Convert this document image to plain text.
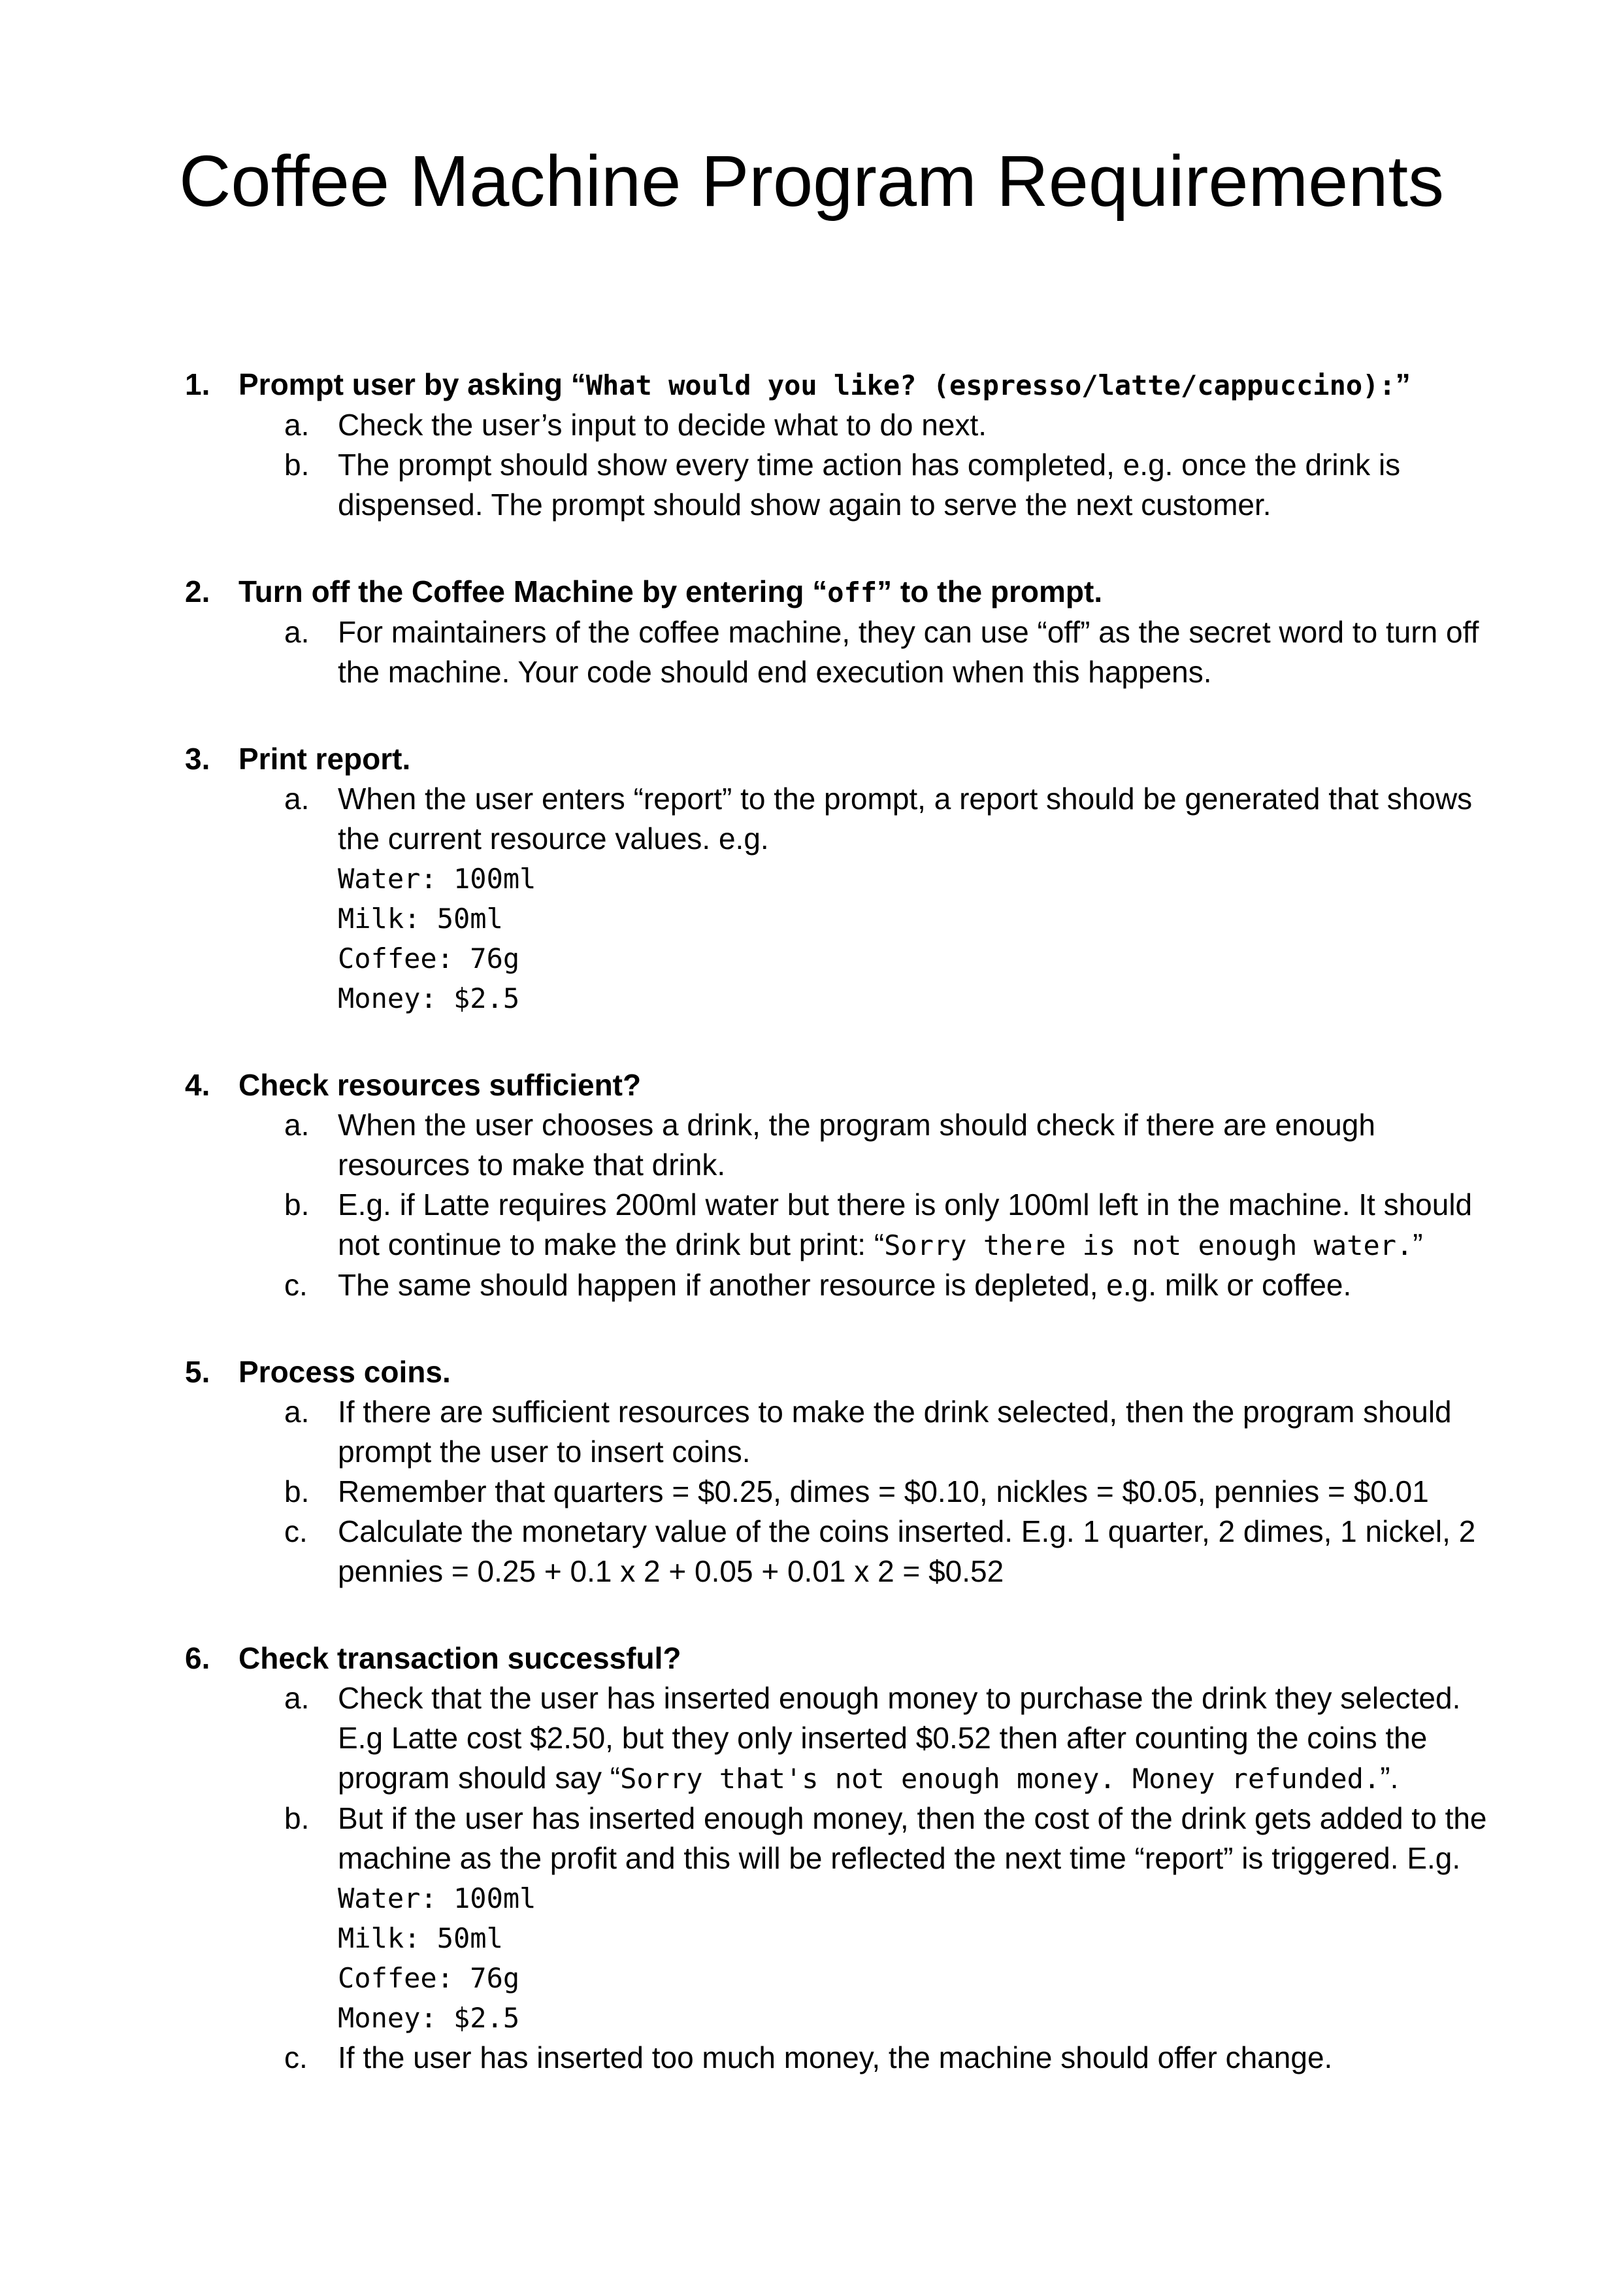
Coffee Machine Program Requirements
1. Prompt user by asking “What would you like? (espresso/latte/cappuccino):”
a. Check the user’s input to decide what to do next.
b. The prompt should show every time action has completed, e.g. once the drink is
dispensed. The prompt should show again to serve the next customer.
2. Turn off the Coffee Machine by entering “off” to the prompt.
a. For maintainers of the coffee machine, they can use “off” as the secret word to turn off
the machine. Your code should end execution when this happens.
3. Print report.
a. When the user enters “report” to the prompt, a report should be generated that shows
the current resource values. e.g.
Water: 100ml
Milk: 50ml
Coffee: 76g
Money: $2.5
4. Check resources sufficient?
a. When the user chooses a drink, the program should check if there are enough
resources to make that drink.
b. E.g. if Latte requires 200ml water but there is only 100ml left in the machine. It should
not continue to make the drink but print: “Sorry there is not enough water.”
c.	The same should happen if another resource is depleted, e.g. milk or coffee.
5. Process coins.
a. If there are sufficient resources to make the drink selected, then the program should
prompt the user to insert coins.
b. Remember that quarters = $0.25, dimes = $0.10, nickles = $0.05, pennies = $0.01
c.	Calculate the monetary value of the coins inserted. E.g. 1 quarter, 2 dimes, 1 nickel, 2
pennies = 0.25 + 0.1 x 2 + 0.05 + 0.01 x 2 = $0.52
6. Check transaction successful?
a. Check that the user has inserted enough money to purchase the drink they selected.
E.g Latte cost $2.50, but they only inserted $0.52 then after counting the coins the
program should say “Sorry that's not enough money. Money refunded.”.
b. But if the user has inserted enough money, then the cost of the drink gets added to the
machine as the profit and this will be reflected the next time “report” is triggered. E.g.
Water: 100ml
Milk: 50ml
Coffee: 76g
Money: $2.5
c.	If the user has inserted too much money, the machine should offer change.
